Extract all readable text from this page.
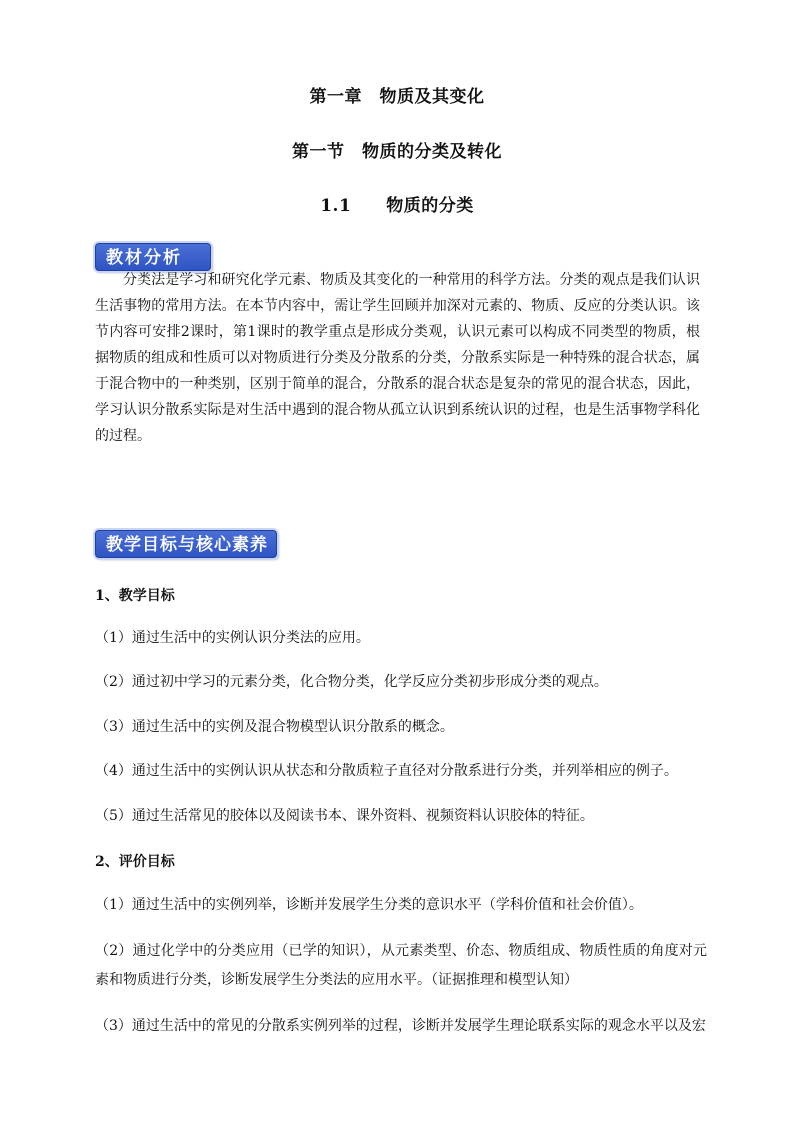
第一章　物质及其变化
第一节　物质的分类及转化
1.1　　物质的分类
教材分析

分类法是学习和研究化学元素、物质及其变化的一种常用的科学方法。分类的观点是我们认识生活事物的常用方法。在本节内容中，需让学生回顾并加深对元素的、物质、反应的分类认识。该节内容可安排2课时，第1课时的教学重点是形成分类观，认识元素可以构成不同类型的物质，根据物质的组成和性质可以对物质进行分类及分散系的分类，分散系实际是一种特殊的混合状态，属于混合物中的一种类别，区别于简单的混合，分散系的混合状态是复杂的常见的混合状态，因此，学习认识分散系实际是对生活中遇到的混合物从孤立认识到系统认识的过程，也是生活事物学科化的过程。

教学目标与核心素养
1、教学目标

（1）通过生活中的实例认识分类法的应用。

（2）通过初中学习的元素分类，化合物分类，化学反应分类初步形成分类的观点。

（3）通过生活中的实例及混合物模型认识分散系的概念。

（4）通过生活中的实例认识从状态和分散质粒子直径对分散系进行分类，并列举相应的例子。

（5）通过生活常见的胶体以及阅读书本、课外资料、视频资料认识胶体的特征。

2、评价目标

（1）通过生活中的实例列举，诊断并发展学生分类的意识水平（学科价值和社会价值）。

（2）通过化学中的分类应用（已学的知识），从元素类型、价态、物质组成、物质性质的角度对元素和物质进行分类，诊断发展学生分类法的应用水平。（证据推理和模型认知）

（3）通过生活中的常见的分散系实例列举的过程，诊断并发展学生理论联系实际的观念水平以及宏
